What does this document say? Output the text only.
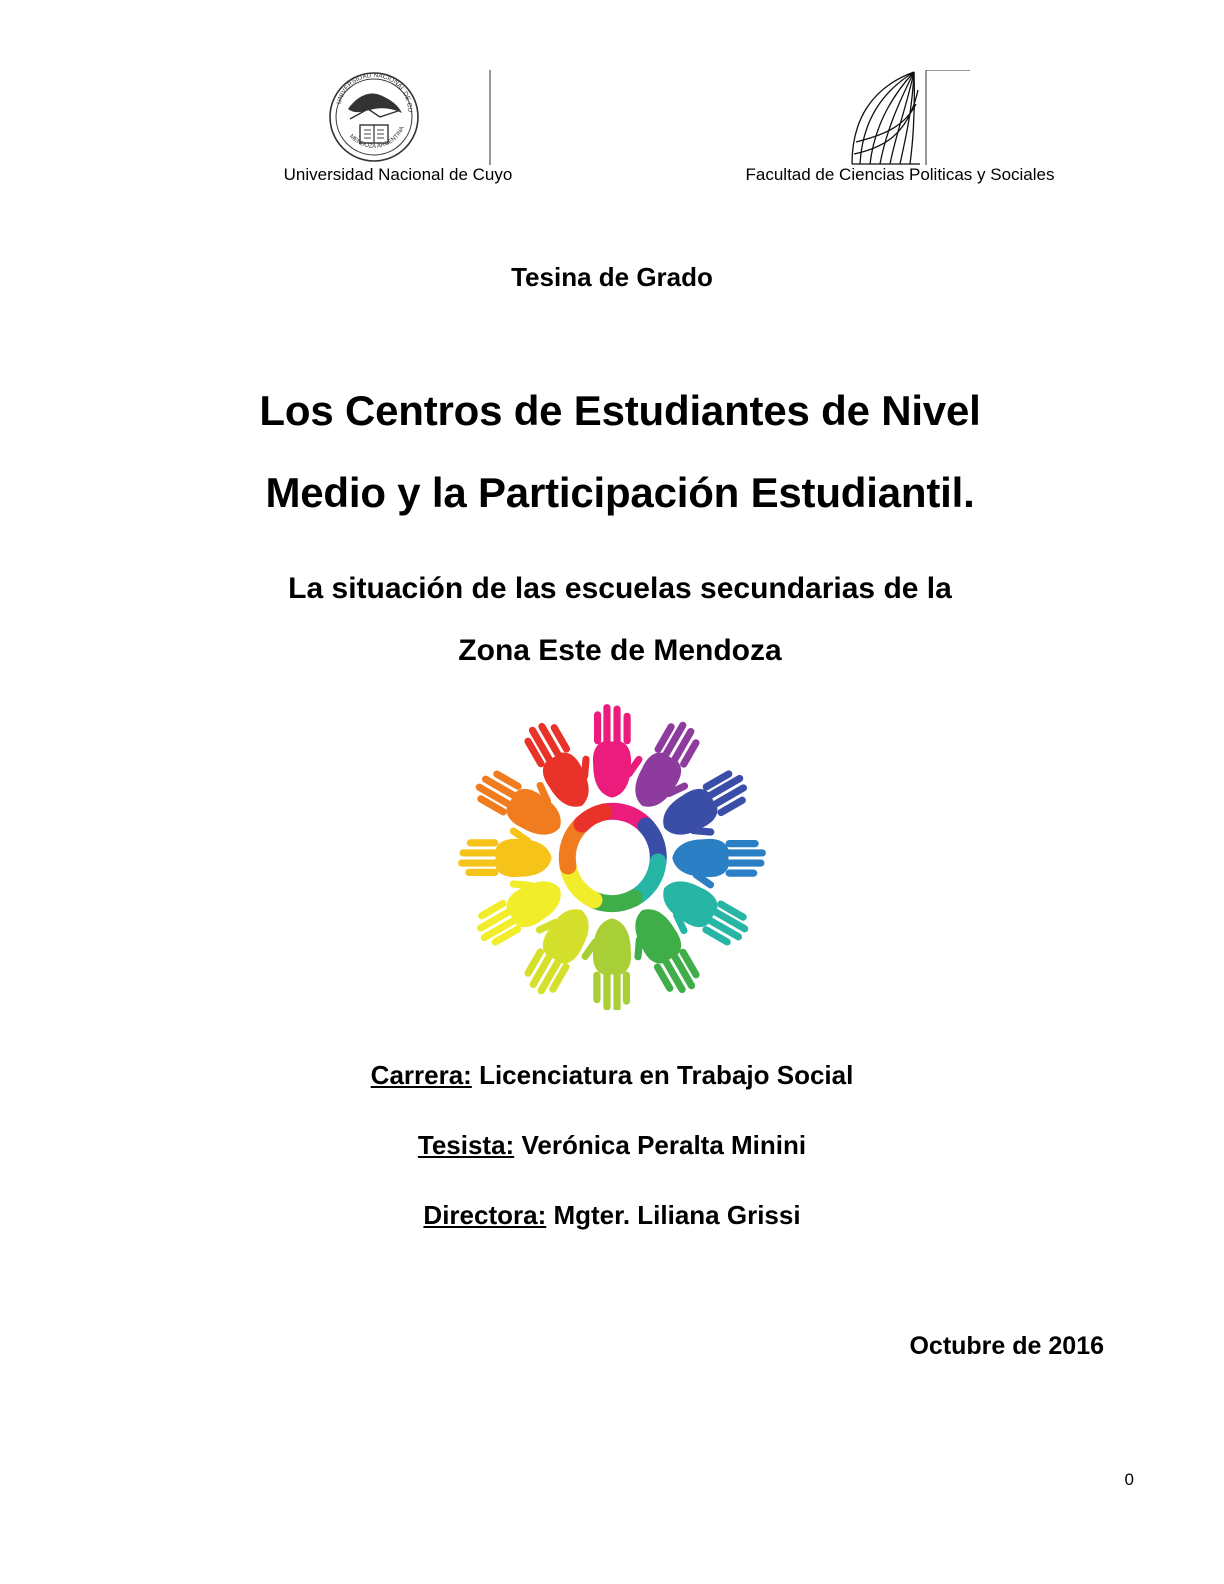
UNIVERSIDAD NACIONAL DE CUYO
MENDOZA ARGENTINA
Universidad Nacional de Cuyo	Facultad de Ciencias Politicas y Sociales
Tesina de Grado
Los Centros de Estudiantes de Nivel
Medio y la Participación Estudiantil.
La situación de las escuelas secundarias de la
Zona Este de Mendoza
Carrera: Licenciatura en Trabajo Social
Tesista: Verónica Peralta Minini
Directora: Mgter. Liliana Grissi
Octubre de 2016
0
